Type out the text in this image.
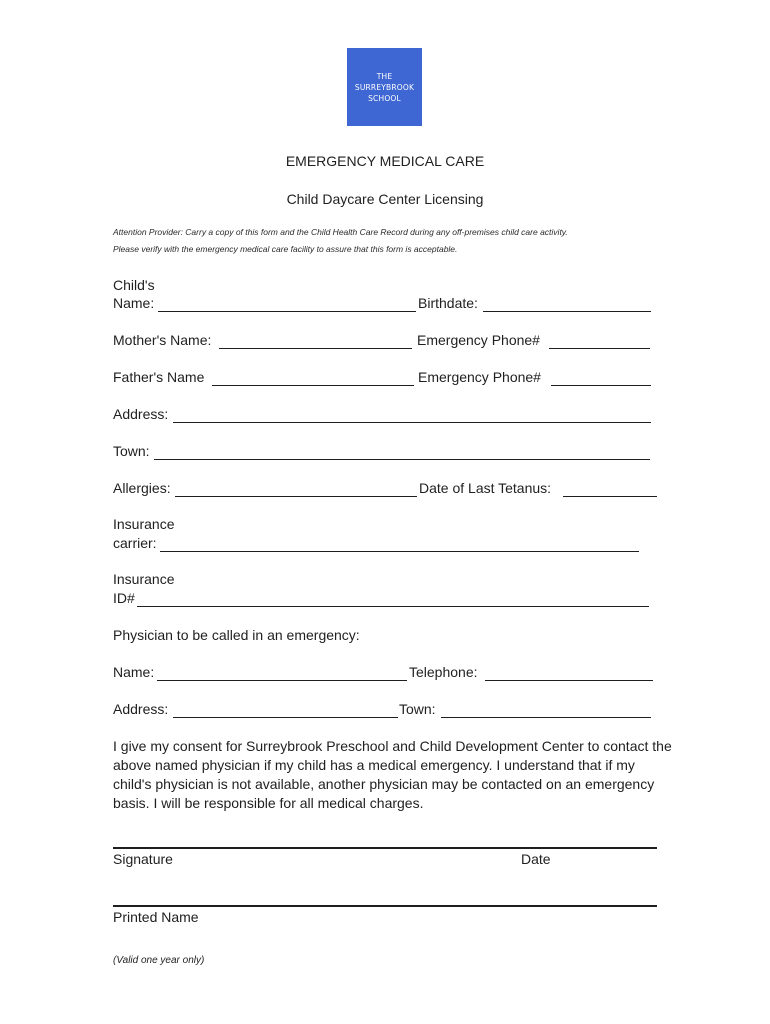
THE
SURREYBROOK
SCHOOL
EMERGENCY MEDICAL CARE
Child Daycare Center Licensing
Attention Provider: Carry a copy of this form and the Child Health Care Record during any off-premises child care activity.
Please verify with the emergency medical care facility to assure that this form is acceptable.
Child's
Name:	Birthdate:
Mother's Name:	Emergency Phone#
Father's Name	Emergency Phone#
Address:
Town:
Allergies:	Date of Last Tetanus:
Insurance
carrier:
Insurance
ID#
Physician to be called in an emergency:
Name:	Telephone:
Address:	Town:
I give my consent for Surreybrook Preschool and Child Development Center to contact the above named physician if my child has a medical emergency. I understand that if my child's physician is not available, another physician may be contacted on an emergency basis. I will be responsible for all medical charges.
Signature	Date
Printed Name
(Valid one year only)
